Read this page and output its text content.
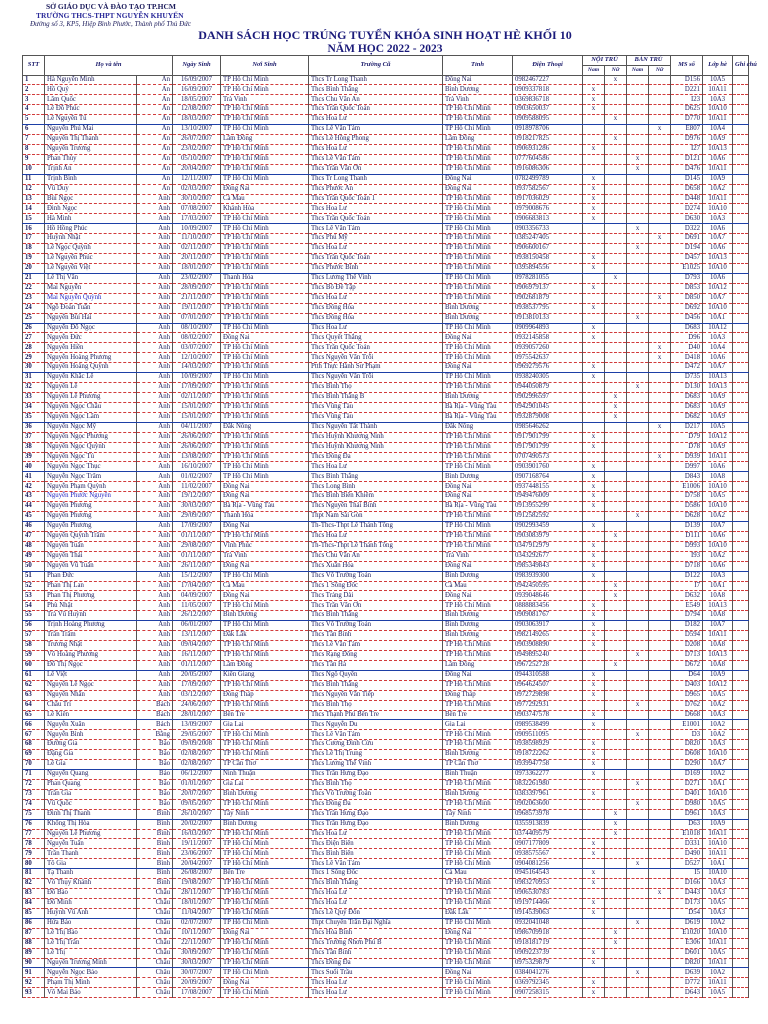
SỞ GIÁO DỤC VÀ ĐÀO TẠO TP.HCM
TRƯỜNG THCS-THPT NGUYỄN KHUYẾN
Đường số 3, KP5, Hiệp Bình Phước, Thành phố Thủ Đức
DANH SÁCH HỌC TRÚNG TUYỂN KHÓA SINH HOẠT HÈ KHỐI 10
NĂM HỌC 2022 - 2023
STT	Họ và tên		Ngày Sinh	Nơi Sinh	Trường Cũ	Tỉnh	Điện Thoại	NỘI TRÚ		BÁN TRÚ		MS số	Lớp hè	Ghi chú
								Nam	Nữ	Nam	Nữ			
1	Hà Nguyễn Minh	An	16/09/2007	TP Hồ Chí Minh	Thcs Tr Long Thanh	Đồng Nai	0982467227		x			D156	10A5	
2	Hồ Quý	An	16/09/2007	TP Hồ Chí Minh	Thcs Bình Thắng	Bình Dương	0909337818	x				D221	10A11	
3	Lâm Quốc	An	18/05/2007	Trà Vinh	Thcs Chu Văn An	Trà Vinh	0369836718	x				I23	10A3	
4	Lê Đỗ Phúc	An	12/08/2007	TP Hồ Chí Minh	Thcs Trần Quốc Toản	TP Hồ Chí Minh	0903650037	x				D625	10A10	
5	Lê Nguyễn Tú	An	18/03/2007	TP Hồ Chí Minh	Thcs Hoa Lư	TP Hồ Chí Minh	0909588095		x			D770	10A11	
6	Nguyễn Phú Mai	An	13/10/2007	TP Hồ Chí Minh	Thcs Lê Văn Tám	TP Hồ Chí Minh	0918978706				x	E807	10A4	
7	Nguyễn Thị Thanh	An	26/07/2007	Lâm Đồng	Thcs Lê Hồng Phong	Lâm Đồng	0918217825		x			D976	10A9	
8	Nguyễn Trương	An	23/02/2007	TP Hồ Chí Minh	Thcs Hoa Lư	TP Hồ Chí Minh	0906931286	x				I27	10A13	
9	Phan Thủy	An	05/10/2007	TP Hồ Chí Minh	Thcs Lê Văn Tám	TP Hồ Chí Minh	0777604586			x		D121	10A6	
10	Trịnh An	An	20/04/2007	TP Hồ Chí Minh	Thcs Trần Văn Ơn	TP Hồ Chí Minh	0916086306			x		D476	10A11	
11	Trịnh Bình	An	12/11/2007	TP Hồ Chí Minh	Thcs Tr Long Thanh	Đồng Nai	0782499789	x				D145	10A9	
12	Vũ Duy	An	02/03/2007	Đồng Nai	Thcs Phước An	Đồng Nai	0937582567	x				D658	10A2	
13	Bùi Ngọc	Anh	30/10/2007	Cà Mau	Thcs Trần Quốc Toản 1	TP Hồ Chí Minh	0917036029	x				D448	10A11	
14	Đinh Ngọc	Anh	07/08/2007	Khánh Hòa	Thcs Hoa Lư	TP Hồ Chí Minh	0979008676	x				D274	10A10	
15	Hà Minh	Anh	17/03/2007	TP Hồ Chí Minh	Thcs Trần Quốc Toản	TP Hồ Chí Minh	0906683813	x				D630	10A3	
16	Hồ Hồng Phúc	Anh	10/09/2007	TP Hồ Chí Minh	Thcs Lê Văn Tám	TP Hồ Chí Minh	0903356733			x		D322	10A6	
17	Huỳnh Nhật	Anh	11/10/2007	TP Hồ Chí Minh	Thcs Phú Mỹ	TP Hồ Chí Minh	0385247405				x	D691	10A7	
18	Lê Ngọc Quỳnh	Anh	02/11/2007	TP Hồ Chí Minh	Thcs Hoa Lư	TP Hồ Chí Minh	0906600167			x		D194	10A6	
19	Lê Nguyễn Phúc	Anh	20/11/2007	TP Hồ Chí Minh	Thcs Trần Quốc Toản	TP Hồ Chí Minh	0938150458	x				D457	10A13	
20	Lê Nguyễn Việt	Anh	18/01/2007	TP Hồ Chí Minh	Thcs Phước Bình	TP Hồ Chí Minh	0395894556	x				E1025	10A10	
21	Lê Thị Vân	Anh	23/02/2007	Thanh Hóa	Thcs Lương Thế Vinh	TP Hồ Chí Minh	0978281055		x			D793	10A6	
22	Mai Nguyễn	Anh	28/09/2007	TP Hồ Chí Minh	Thcs Bồ Đề Tập	TP Hồ Chí Minh	0906979137	x				D853	10A12	
23	Mai Nguyễn Quỳnh	Anh	21/11/2007	TP Hồ Chí Minh	Thcs Hoa Lư	TP Hồ Chí Minh	0902681879				x	D850	10A7	
24	Ngô Đoàn Tuấn	Anh	19/11/2007	TP Hồ Chí Minh	Thcs Đông Hòa	Bình Dương	0938537795	x				D692	10A10	
25	Nguyễn Bùi Hải	Anh	07/01/2007	TP Hồ Chí Minh	Thcs Đông Hòa	Bình Dương	0913810133			x		D456	10A1	
26	Nguyễn Đỗ Ngọc	Anh	08/10/2007	TP Hồ Chí Minh	Thcs Hoa Lư	TP Hồ Chí Minh	0909964893	x				D683	10A12	
27	Nguyễn Đức	Anh	08/02/2007	Đồng Nai	Thcs Quyết Thắng	Đồng Nai	0932145858	x				D96	10A3	
28	Nguyễn Hiền	Anh	03/07/2007	TP Hồ Chí Minh	Thcs Trần Quốc Toản	TP Hồ Chí Minh	0939057260				x	D40	10A4	
29	Nguyễn Hoàng Phương	Anh	12/10/2007	TP Hồ Chí Minh	Thcs Nguyễn Văn Trỗi	TP Hồ Chí Minh	0975542637				x	D418	10A6	
30	Nguyễn Hoàng Quỳnh	Anh	14/03/2007	TP Hồ Chí Minh	Ptth Thực Hành Sư Phạm	Đồng Nai	0969279576	x				D472	10A7	
31	Nguyễn Khắc Lê	Anh	10/09/2007	TP Hồ Chí Minh	Thcs Nguyễn Văn Trỗi	TP Hồ Chí Minh	0938240305	x				D735	10A13	
32	Nguyễn Lê	Anh	17/09/2007	TP Hồ Chí Minh	Thcs Bình Thọ	TP Hồ Chí Minh	0944050879			x		D130	10A13	
33	Nguyễn Lê Phương	Anh	02/11/2007	TP Hồ Chí Minh	Thcs Bình Thắng B	Bình Dương	0902996597		x			D683	10A9	
34	Nguyễn Ngọc Châu	Anh	15/01/2007	TP Hồ Chí Minh	Thcs Vũng Tàu	Bà Rịa - Vũng Tàu	0942901045		x			D683	10A9	
35	Nguyễn Ngọc Lâm	Anh	15/01/2007	TP Hồ Chí Minh	Thcs Vũng Tàu	Bà Rịa - Vũng Tàu	0932879008		x			D682	10A9	
36	Nguyễn Ngọc Mỹ	Anh	04/11/2007	Đắk Nông	Thcs Nguyễn Tất Thành	Đắk Nông	0985646262				x	D217	10A5	
37	Nguyễn Ngọc Phương	Anh	26/06/2007	TP Hồ Chí Minh	Thcs Huỳnh Khương Ninh	TP Hồ Chí Minh	0917901799	x				D79	10A12	
38	Nguyễn Ngọc Quỳnh	Anh	26/06/2007	TP Hồ Chí Minh	Thcs Huỳnh Khương Ninh	TP Hồ Chí Minh	0917901799	x				D78	10A9	
39	Nguyễn Ngọc Tú	Anh	13/08/2007	TP Hồ Chí Minh	Thcs Đông Đa	TP Hồ Chí Minh	0707490573				x	D939	10A11	
40	Nguyễn Ngọc Thục	Anh	16/10/2007	TP Hồ Chí Minh	Thcs Hoa Lư	TP Hồ Chí Minh	0903901760	x				D997	10A6	
41	Nguyễn Ngọc Trâm	Anh	01/02/2007	TP Hồ Chí Minh	Thcs Bình Thắng	Bình Dương	0907168764	x				D843	10A8	
42	Nguyễn Phạm Quỳnh	Anh	11/02/2007	Đồng Nai	Thcs Long Bình	Đồng Nai	0937448155	x				E1006	10A10	
43	Nguyễn Phước Nguyên	Anh	19/12/2007	Đồng Nai	Thcs Bình Biên Khiêm	Đồng Nai	0949476009	x				D758	10A5	
44	Nguyễn Phương	Anh	30/03/2007	Bà Rịa - Vũng Tàu	Thcs Nguyễn Thái Bình	Bà Rịa - Vũng Tàu	0913955299	x				D586	10A10	
45	Nguyễn Phương	Anh	29/09/2007	Thanh Hóa	Thpt Nam Sài Gòn	TP Hồ Chí Minh	0912582592			x		D628	10A2	
46	Nguyễn Phương	Anh	17/09/2007	Đồng Nai	Th-Thcs-Thpt Lê Thánh Tông	TP Hồ Chí Minh	0902993459	x				D139	10A7	
47	Nguyễn Quỳnh Trâm	Anh	01/11/2007	TP Hồ Chí Minh	Thcs Hoa Lư	TP Hồ Chí Minh	0903083979		x			D111	10A6	
48	Nguyễn Tuấn	Anh	29/08/2007	Vĩnh Phúc	Th-Thcs-Thpt Lê Thánh Tông	TP Hồ Chí Minh	0347912979	x				D993	10A10	
49	Nguyễn Thái	Anh	01/11/2007	Trà Vinh	Thcs Chu Văn An	Trà Vinh	0343292677	x				I93	10A2	
50	Nguyễn Vũ Tuấn	Anh	26/11/2007	Đồng Nai	Thcs Xuân Hòa	Đồng Nai	0985349843	x				D718	10A6	
51	Phan Đức	Anh	15/12/2007	TP Hồ Chí Minh	Thcs Võ Trường Toản	Bình Dương	0983939300	x				D122	10A3	
52	Phan Thị Lan	Anh	17/04/2007	Cà Mau	Thcs 1 Sông Đốc	Cà Mau	0942450595		x			I7	10A1	
53	Phan Thị Phương	Anh	04/09/2007	Đồng Nai	Thcs Trảng Dài	Đồng Nai	0939048646		x			D632	10A8	
54	Phù Nhật	Anh	11/05/2007	TP Hồ Chí Minh	Thcs Trần Văn Ơn	TP Hồ Chí Minh	0888883456	x				E549	10A13	
55	Trà Vũ Huỳnh	Anh	26/12/2007	Bình Dương	Thcs Bình Thắng	Bình Dương	0909081767	x				D794	10A8	
56	Trịnh Hoàng Phương	Anh	06/01/2007	TP Hồ Chí Minh	Thcs Võ Trường Toản	Bình Dương	0903063917	x				D182	10A7	
57	Trần Trâm	Anh	13/11/2007	Đắk Lắk	Thcs Tân Bình	Bình Dương	0982149265	x				D594	10A11	
58	Trương Nhật	Anh	09/04/2007	TP Hồ Chí Minh	Thcs Lê Văn Tám	TP Hồ Chí Minh	0903908890	x				D208	10A8	
59	Võ Hoàng Phương	Anh	16/11/2007	TP Hồ Chí Minh	Thcs Rạng Đông	TP Hồ Chí Minh	0949895240			x		D713	10A13	
60	Đỗ Thị Ngọc	Anh	01/11/2007	Lâm Đồng	Thcs Tân Hà	Lâm Đồng	0967252728		x			D672	10A8	
61	Lê Việt	Anh	20/05/2007	Kiên Giang	Thcs Ngô Quyền	Đồng Nai	0944310588	x				D64	10A9	
62	Nguyễn Lê Ngọc	Anh	17/09/2007	TP Hồ Chí Minh	Thcs Bình Thắng	TP Hồ Chí Minh	0964624507	x				D403	10A12	
63	Nguyễn Nhân	Ánh	03/12/2007	Đồng Tháp	Thcs Nguyễn Văn Tiếp	Đồng Tháp	0972729898	x				D965	10A5	
64	Châu Trí	Bách	24/06/2007	TP Hồ Chí Minh	Thcs Bình Thọ	TP Hồ Chí Minh	0977292931			x		D762	10A2	
65	Lê Kiên	Bách	28/01/2007	Bến Tre	Thcs Thạnh Phú Bến Tre	Bến Tre	0903747578	x				D668	10A3	
66	Nguyễn Xuân	Bách	13/09/2007	Gia Lai	Thcs Nguyễn Du	Gia Lai	0989538499	x				E1001	10A2	
67	Nguyễn Bình	Bằng	29/05/2007	TP Hồ Chí Minh	Thcs Lê Văn Tám	TP Hồ Chí Minh	0909511095			x		D3	10A2	
68	Đường Gia	Bảo	09/09/2008	TP Hồ Chí Minh	Thcs Cương Đinh Cửu	TP Hồ Chí Minh	0938598929	x				D820	10A3	
69	Đặng Gia	Bảo	02/08/2007	TP Hồ Chí Minh	Thcs Lê Thị Trung	Bình Dương	0918722262	x				D608	10A10	
70	Lê Gia	Bảo	02/08/2007	TP Cần Thơ	Thcs Lương Thế Vinh	TP Cần Thơ	0939947758	x				D290	10A7	
71	Nguyễn Quang	Bảo	06/12/2007	Ninh Thuận	Thcs Trần Hưng Đạo	Bình Thuận	0973362277	x				D169	10A2	
72	Phan Quang	Bảo	01/01/2007	Gia Lai	Thcs Bình Thọ	TP Hồ Chí Minh	0832261980			x		D271	10A1	
73	Trần Gia	Bảo	20/07/2007	Bình Dương	Thcs Võ Trường Toản	Bình Dương	0383397961	x				D401	10A10	
74	Vũ Quốc	Bảo	09/05/2007	TP Hồ Chí Minh	Thcs Đồng Đa	TP Hồ Chí Minh	0902063600			x		D980	10A5	
75	Đinh Thị Thanh	Bình	26/10/2007	Tây Ninh	Thcs Trần Hưng Đạo	Tây Ninh	0968573978		x			D961	10A3	
76	Khổng Thị Hòa	Bình	20/02/2007	Bình Dương	Thcs Trần Hưng Đạo	Bình Dương	0355913839		x			D63	10A9	
77	Nguyễn Lê Phương	Bình	16/03/2007	TP Hồ Chí Minh	Thcs Hoa Lư	TP Hồ Chí Minh	0374409579		x			E1018	10A11	
78	Nguyễn Tuấn	Bình	19/11/2007	TP Hồ Chí Minh	Thcs Điện Biên	TP Hồ Chí Minh	0907177809	x				D331	10A10	
79	Trần Thanh	Bình	23/06/2007	TP Hồ Chí Minh	Thcs Bình Biên	TP Hồ Chí Minh	0938575567	x				D490	10A11	
80	Tô Gia	Bình	20/04/2007	TP Hồ Chí Minh	Thcs Lê Văn Tám	TP Hồ Chí Minh	0904081256			x		D527	10A1	
81	Tạ Thanh	Bình	26/08/2007	Bến Tre	Thcs 1 Sông Đốc	Cà Mau	0945164543	x				I5	10A10	
82	Võ Thụy Khánh	Bình	19/08/2007	TP Hồ Chí Minh	Thcs Bình Thắng	TP Hồ Chí Minh	0983270953	x				D166	10A3	
83	Đỗ Bảo	Châu	28/11/2007	TP Hồ Chí Minh	Thcs Hoa Lư	TP Hồ Chí Minh	0906530783				x	D443	10A3	
84	Đỗ Minh	Châu	18/01/2007	TP Hồ Chí Minh	Thcs Hoa Lư	TP Hồ Chí Minh	0919714466	x				D173	10A5	
85	Huỳnh Vũ Anh	Châu	11/04/2007	TP Hồ Chí Minh	Thcs Lê Quý Đôn	Đắk Lắk	0914539063	x				D54	10A3	
86	Hứa Bảo	Châu	02/07/2007	TP Hồ Chí Minh	Thpt Chuyên Trần Đại Nghĩa	TP Hồ Chí Minh	0932041048			x		D619	10A2	
87	Lê Thị Bảo	Châu	10/11/2007	Đồng Nai	Thcs Hòa Bình	Đồng Nai	0986709918		x			E1020	10A10	
88	Lê Thị Trân	Châu	22/11/2007	TP Hồ Chí Minh	Thcs Trường Nhơn Phú B	TP Hồ Chí Minh	0918181719		x			E306	10A11	
89	Lê Thị	Châu	30/09/2007	TP Hồ Chí Minh	Thcs Tân Bình	TP Hồ Chí Minh	0909223739	x				D601	10A5	
90	Nguyễn Trương Minh	Châu	30/03/2007	TP Hồ Chí Minh	Thcs Đồng Đa	TP Hồ Chí Minh	0975329879	x				D820	10A11	
91	Nguyễn Ngọc Bảo	Châu	30/07/2007	TP Hồ Chí Minh	Thcs Suối Trầu	Đồng Nai	0384041276			x		D639	10A2	
92	Phạm Thị Minh	Châu	20/09/2007	Đồng Nai	Thcs Hoa Lư	TP Hồ Chí Minh	0369792345	x				D772	10A11	
93	Võ Mai Bảo	Châu	17/08/2007	TP Hồ Chí Minh	Thcs Hoa Lư	TP Hồ Chí Minh	0907258315	x				D643	10A5	
